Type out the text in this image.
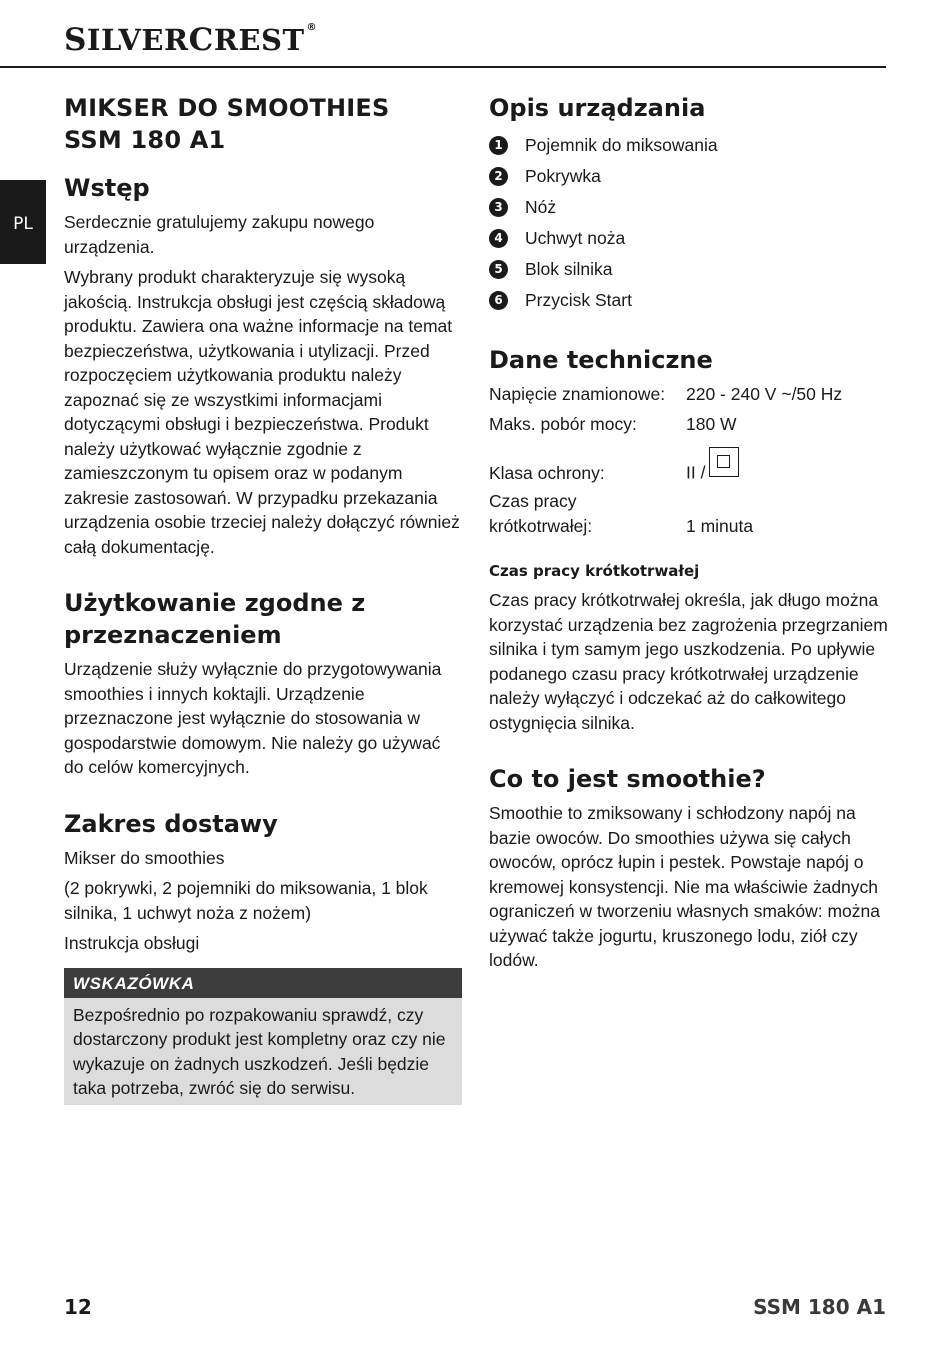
SILVERCREST ®
PL
MIKSER DO SMOOTHIES
SSM 180 A1
Wstęp

Serdecznie gratulujemy zakupu nowego urządzenia.

Wybrany produkt charakteryzuje się wysoką jakością. Instrukcja obsługi jest częścią składową produktu. Zawiera ona ważne informacje na temat bezpieczeństwa, użytkowania i utylizacji. Przed rozpoczęciem użytkowania produktu należy zapoznać się ze wszystkimi informacjami dotyczącymi obsługi i bezpieczeństwa. Produkt należy użytkować wyłącznie zgodnie z zamieszczonym tu opisem oraz w podanym zakresie zastosowań. W przypadku przekazania urządzenia osobie trzeciej należy dołączyć również całą dokumentację.

Użytkowanie zgodne z przeznaczeniem

Urządzenie służy wyłącznie do przygotowywania smoothies i innych koktajli. Urządzenie przeznaczone jest wyłącznie do stosowania w gospodarstwie domowym. Nie należy go używać do celów komercyjnych.

Zakres dostawy

Mikser do smoothies

(2 pokrywki, 2 pojemniki do miksowania, 1 blok silnika, 1 uchwyt noża z nożem)

Instrukcja obsługi

WSKAZÓWKA

Bezpośrednio po rozpakowaniu sprawdź, czy dostarczony produkt jest kompletny oraz czy nie wykazuje on żadnych uszkodzeń. Jeśli będzie taka potrzeba, zwróć się do serwisu.

Opis urządzania
1	Pojemnik do miksowania
2	Pokrywka
3	Nóż
4	Uchwyt noża
5	Blok silnika
6	Przycisk Start
Dane techniczne
Napięcie znamionowe:	220 - 240 V ~/50 Hz
Maks. pobór mocy:	180 W
Klasa ochrony:	II /
Czas pracy
krótkotrwałej:	1 minuta
Czas pracy krótkotrwałej

Czas pracy krótkotrwałej określa, jak długo można korzystać urządzenia bez zagrożenia przegrzaniem silnika i tym samym jego uszkodzenia. Po upływie podanego czasu pracy krótkotrwałej urządzenie należy wyłączyć i odczekać aż do całkowitego ostygnięcia silnika.

Co to jest smoothie?

Smoothie to zmiksowany i schłodzony napój na bazie owoców. Do smoothies używa się całych owoców, oprócz łupin i pestek. Powstaje napój o kremowej konsystencji. Nie ma właściwie żadnych ograniczeń w tworzeniu własnych smaków: można używać także jogurtu, kruszonego lodu, ziół czy lodów.

12	SSM 180 A1
